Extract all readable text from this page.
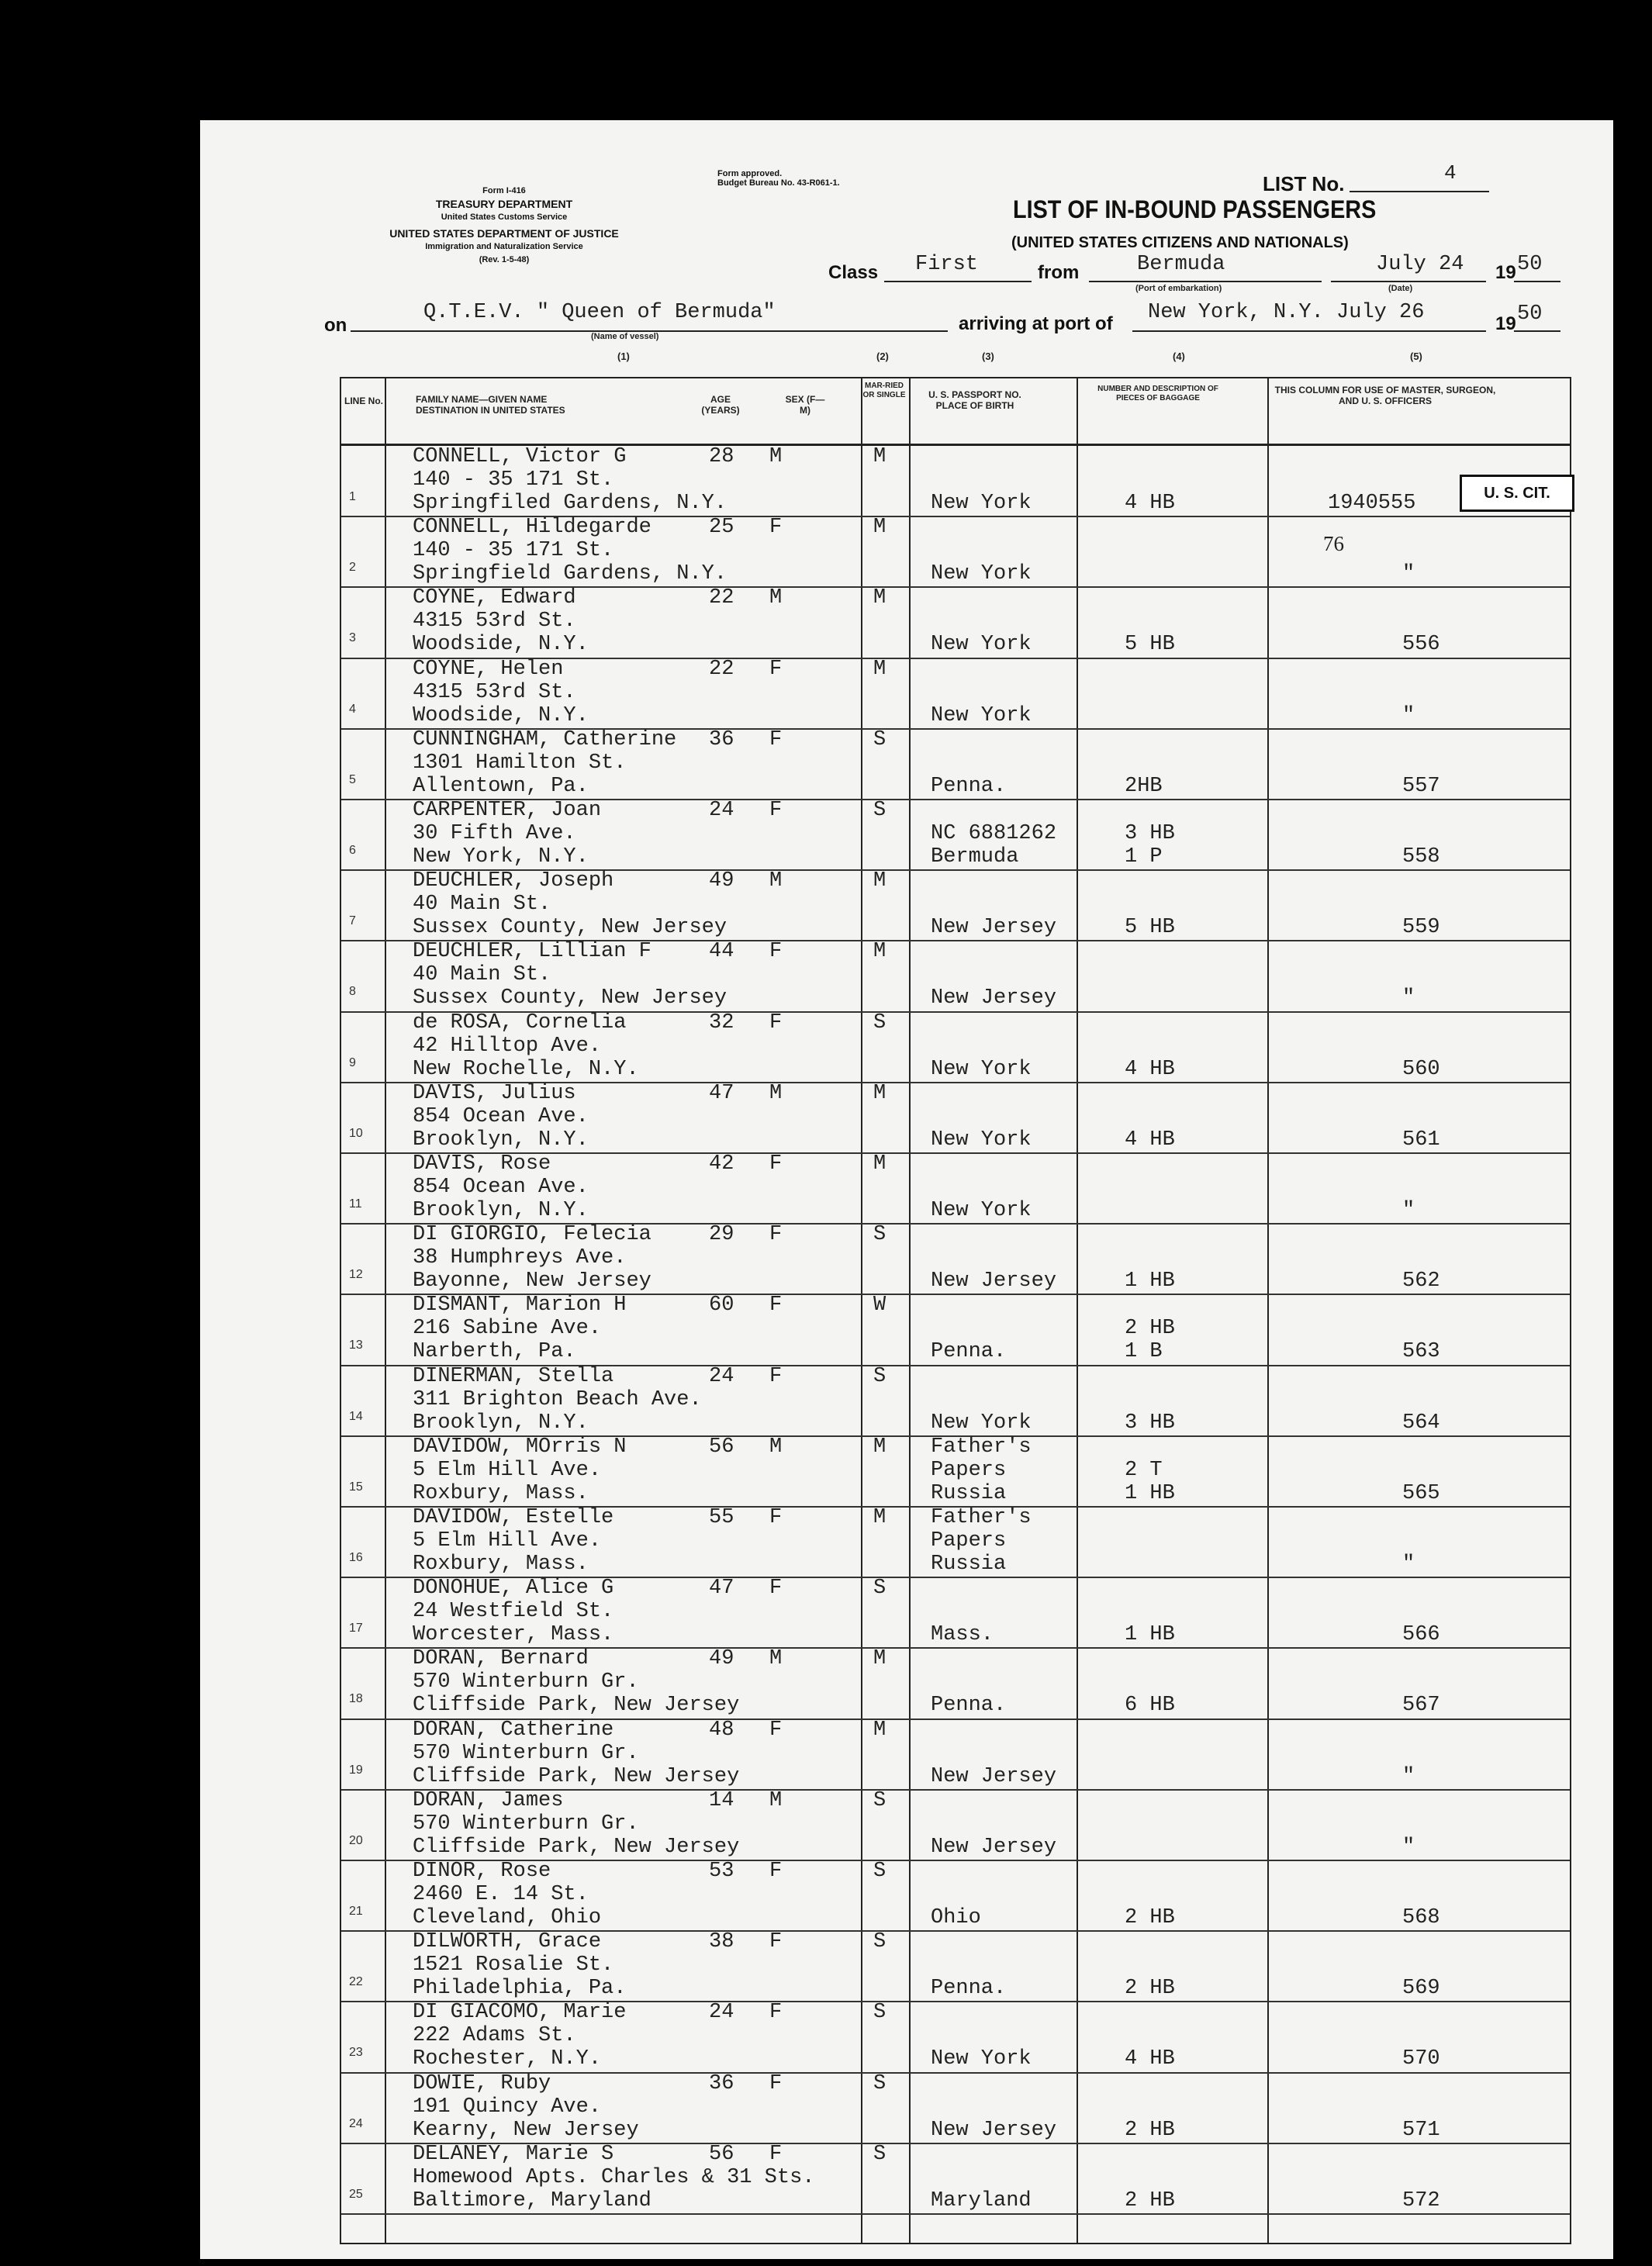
Form I-416
TREASURY DEPARTMENT
United States Customs Service
UNITED STATES DEPARTMENT OF JUSTICE
Immigration and Naturalization Service
(Rev. 1-5-48)
Form approved.
Budget Bureau No. 43-R061-1.	LIST No.	4
LIST OF IN-BOUND PASSENGERS
(UNITED STATES CITIZENS AND NATIONALS)
Class First	from	Bermuda
(Port of embarkation)
July 24
(Date)
19 50
on
Q.T.E.V. " Queen of Bermuda"
(Name of vessel)
arriving at port of New York, N.Y. July 26	19 50
(1)	(2)	(3)	(4)	(5)
LINE No.	FAMILY NAME—GIVEN NAME DESTINATION IN UNITED STATES
AGE (YEARS)
SEX (F—M)
MAR-RIED OR SINGLE	U. S. PASSPORT NO. PLACE OF BIRTH
NUMBER AND DESCRIPTION OF PIECES OF BAGGAGE
THIS COLUMN FOR USE OF MASTER, SURGEON, AND U. S. OFFICERS
1
CONNELL, Victor G
140 - 35 171 St.
Springfiled Gardens, N.Y.
28 M	M
New York	4 HB	1940555
2
CONNELL, Hildegarde
140 - 35 171 St.
Springfield Gardens, N.Y.
25 F	M
New York	"
3
COYNE, Edward
4315 53rd St.
Woodside, N.Y.
22 M	M
New York	5 HB	556
4
COYNE, Helen
4315 53rd St.
Woodside, N.Y.
22 F	M
New York	"
5
CUNNINGHAM, Catherine
1301 Hamilton St.
Allentown, Pa.
36 F	S
Penna.	2HB	557
6
CARPENTER, Joan
30 Fifth Ave.
New York, N.Y.
24 F	S
NC 6881262
Bermuda
3 HB
1 P	558
7
DEUCHLER, Joseph
40 Main St.
Sussex County, New Jersey
49 M	M
New Jersey	5 HB	559
8
DEUCHLER, Lillian F
40 Main St.
Sussex County, New Jersey
44 F	M
New Jersey	"
9
de ROSA, Cornelia
42 Hilltop Ave.
New Rochelle, N.Y.
32 F	S
New York	4 HB	560
10
DAVIS, Julius
854 Ocean Ave.
Brooklyn, N.Y.
47 M	M
New York	4 HB	561
11
DAVIS, Rose
854 Ocean Ave.
Brooklyn, N.Y.
42 F	M
New York	"
12
DI GIORGIO, Felecia
38 Humphreys Ave.
Bayonne, New Jersey
29 F	S
New Jersey	1 HB	562
13
DISMANT, Marion H
216 Sabine Ave.
Narberth, Pa.
60 F	W
Penna.
2 HB
1 B	563
14
DINERMAN, Stella
311 Brighton Beach Ave.
Brooklyn, N.Y.
24 F	S
New York	3 HB	564
15
DAVIDOW, MOrris N
5 Elm Hill Ave.
Roxbury, Mass.
56 M	M Father's
Papers
Russia
2 T
1 HB	565
16
DAVIDOW, Estelle
5 Elm Hill Ave.
Roxbury, Mass.
55 F	M Father's
Papers
Russia	"
17
DONOHUE, Alice G
24 Westfield St.
Worcester, Mass.
47 F	S
Mass.	1 HB	566
18
DORAN, Bernard
570 Winterburn Gr.
Cliffside Park, New Jersey
49 M	M
Penna.	6 HB	567
19
DORAN, Catherine
570 Winterburn Gr.
Cliffside Park, New Jersey
48 F	M
New Jersey	"
20
DORAN, James
570 Winterburn Gr.
Cliffside Park, New Jersey
14 M	S
New Jersey	"
21
DINOR, Rose
2460 E. 14 St.
Cleveland, Ohio
53 F	S
Ohio	2 HB	568
22
DILWORTH, Grace
1521 Rosalie St.
Philadelphia, Pa.
38 F	S
Penna.	2 HB	569
23
DI GIACOMO, Marie
222 Adams St.
Rochester, N.Y.
24 F	S
New York	4 HB	570
24
DOWIE, Ruby
191 Quincy Ave.
Kearny, New Jersey
36 F	S
New Jersey	2 HB	571
25
DELANEY, Marie S
Homewood Apts. Charles & 31 Sts.
Baltimore, Maryland
56 F	S
Maryland	2 HB	572
U. S. CIT.
76
